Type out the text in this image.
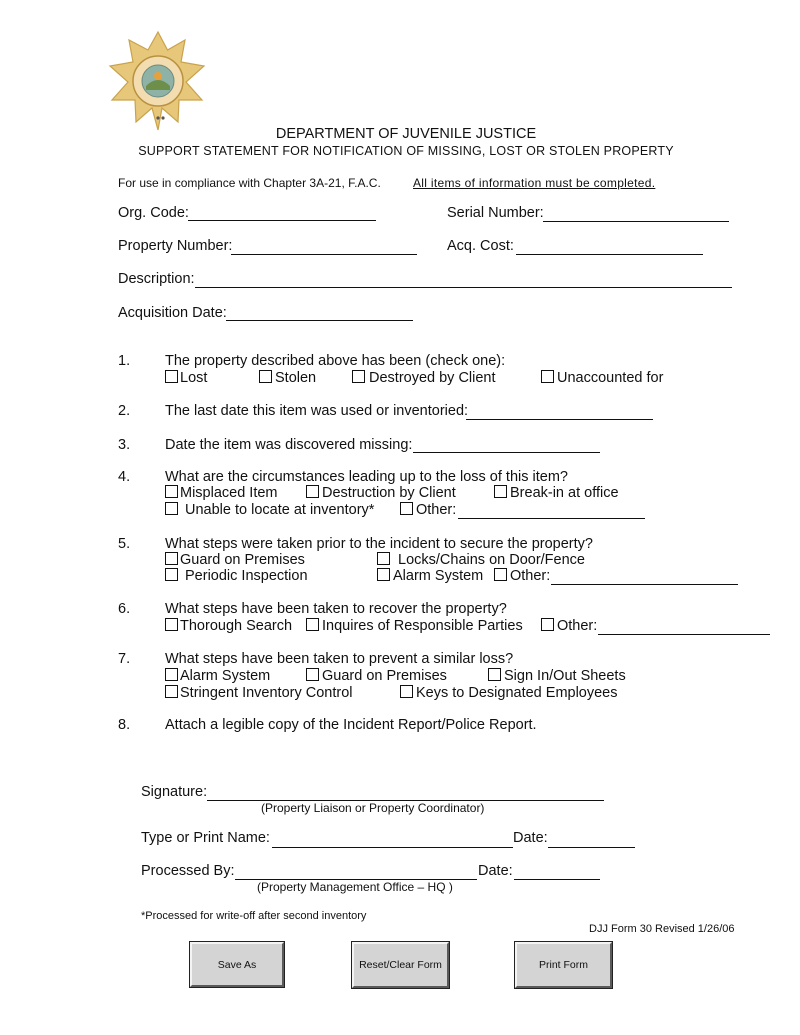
DEPARTMENT OF JUVENILE JUSTICE
SUPPORT STATEMENT FOR NOTIFICATION OF MISSING, LOST OR STOLEN PROPERTY
For use in compliance with Chapter 3A-21, F.A.C.	All items of information must be completed.
Org. Code:	Serial Number:
Property Number:	Acq. Cost:
Description:
Acquisition Date:
1. The property described above has been (check one):
Lost	Stolen	Destroyed by Client	Unaccounted for
2. The last date this item was used or inventoried:
3. Date the item was discovered missing:
4. What are the circumstances leading up to the loss of this item?
Misplaced Item	Destruction by Client	Break-in at office
Unable to locate at inventory*	Other:
5. What steps were taken prior to the incident to secure the property?
Guard on Premises	Locks/Chains on Door/Fence
Periodic Inspection	Alarm System Other:
6. What steps have been taken to recover the property?
Thorough Search Inquires of Responsible Parties Other:
7. What steps have been taken to prevent a similar loss?
Alarm System	Guard on Premises	Sign In/Out Sheets
Stringent Inventory Control	Keys to Designated Employees
8. Attach a legible copy of the Incident Report/Police Report.
Signature:
(Property Liaison or Property Coordinator)
Type or Print Name:	Date:
Processed By:	Date:
(Property Management Office – HQ )
*Processed for write-off after second inventory
DJJ Form 30 Revised 1/26/06
Save As	Reset/Clear Form	Print Form
